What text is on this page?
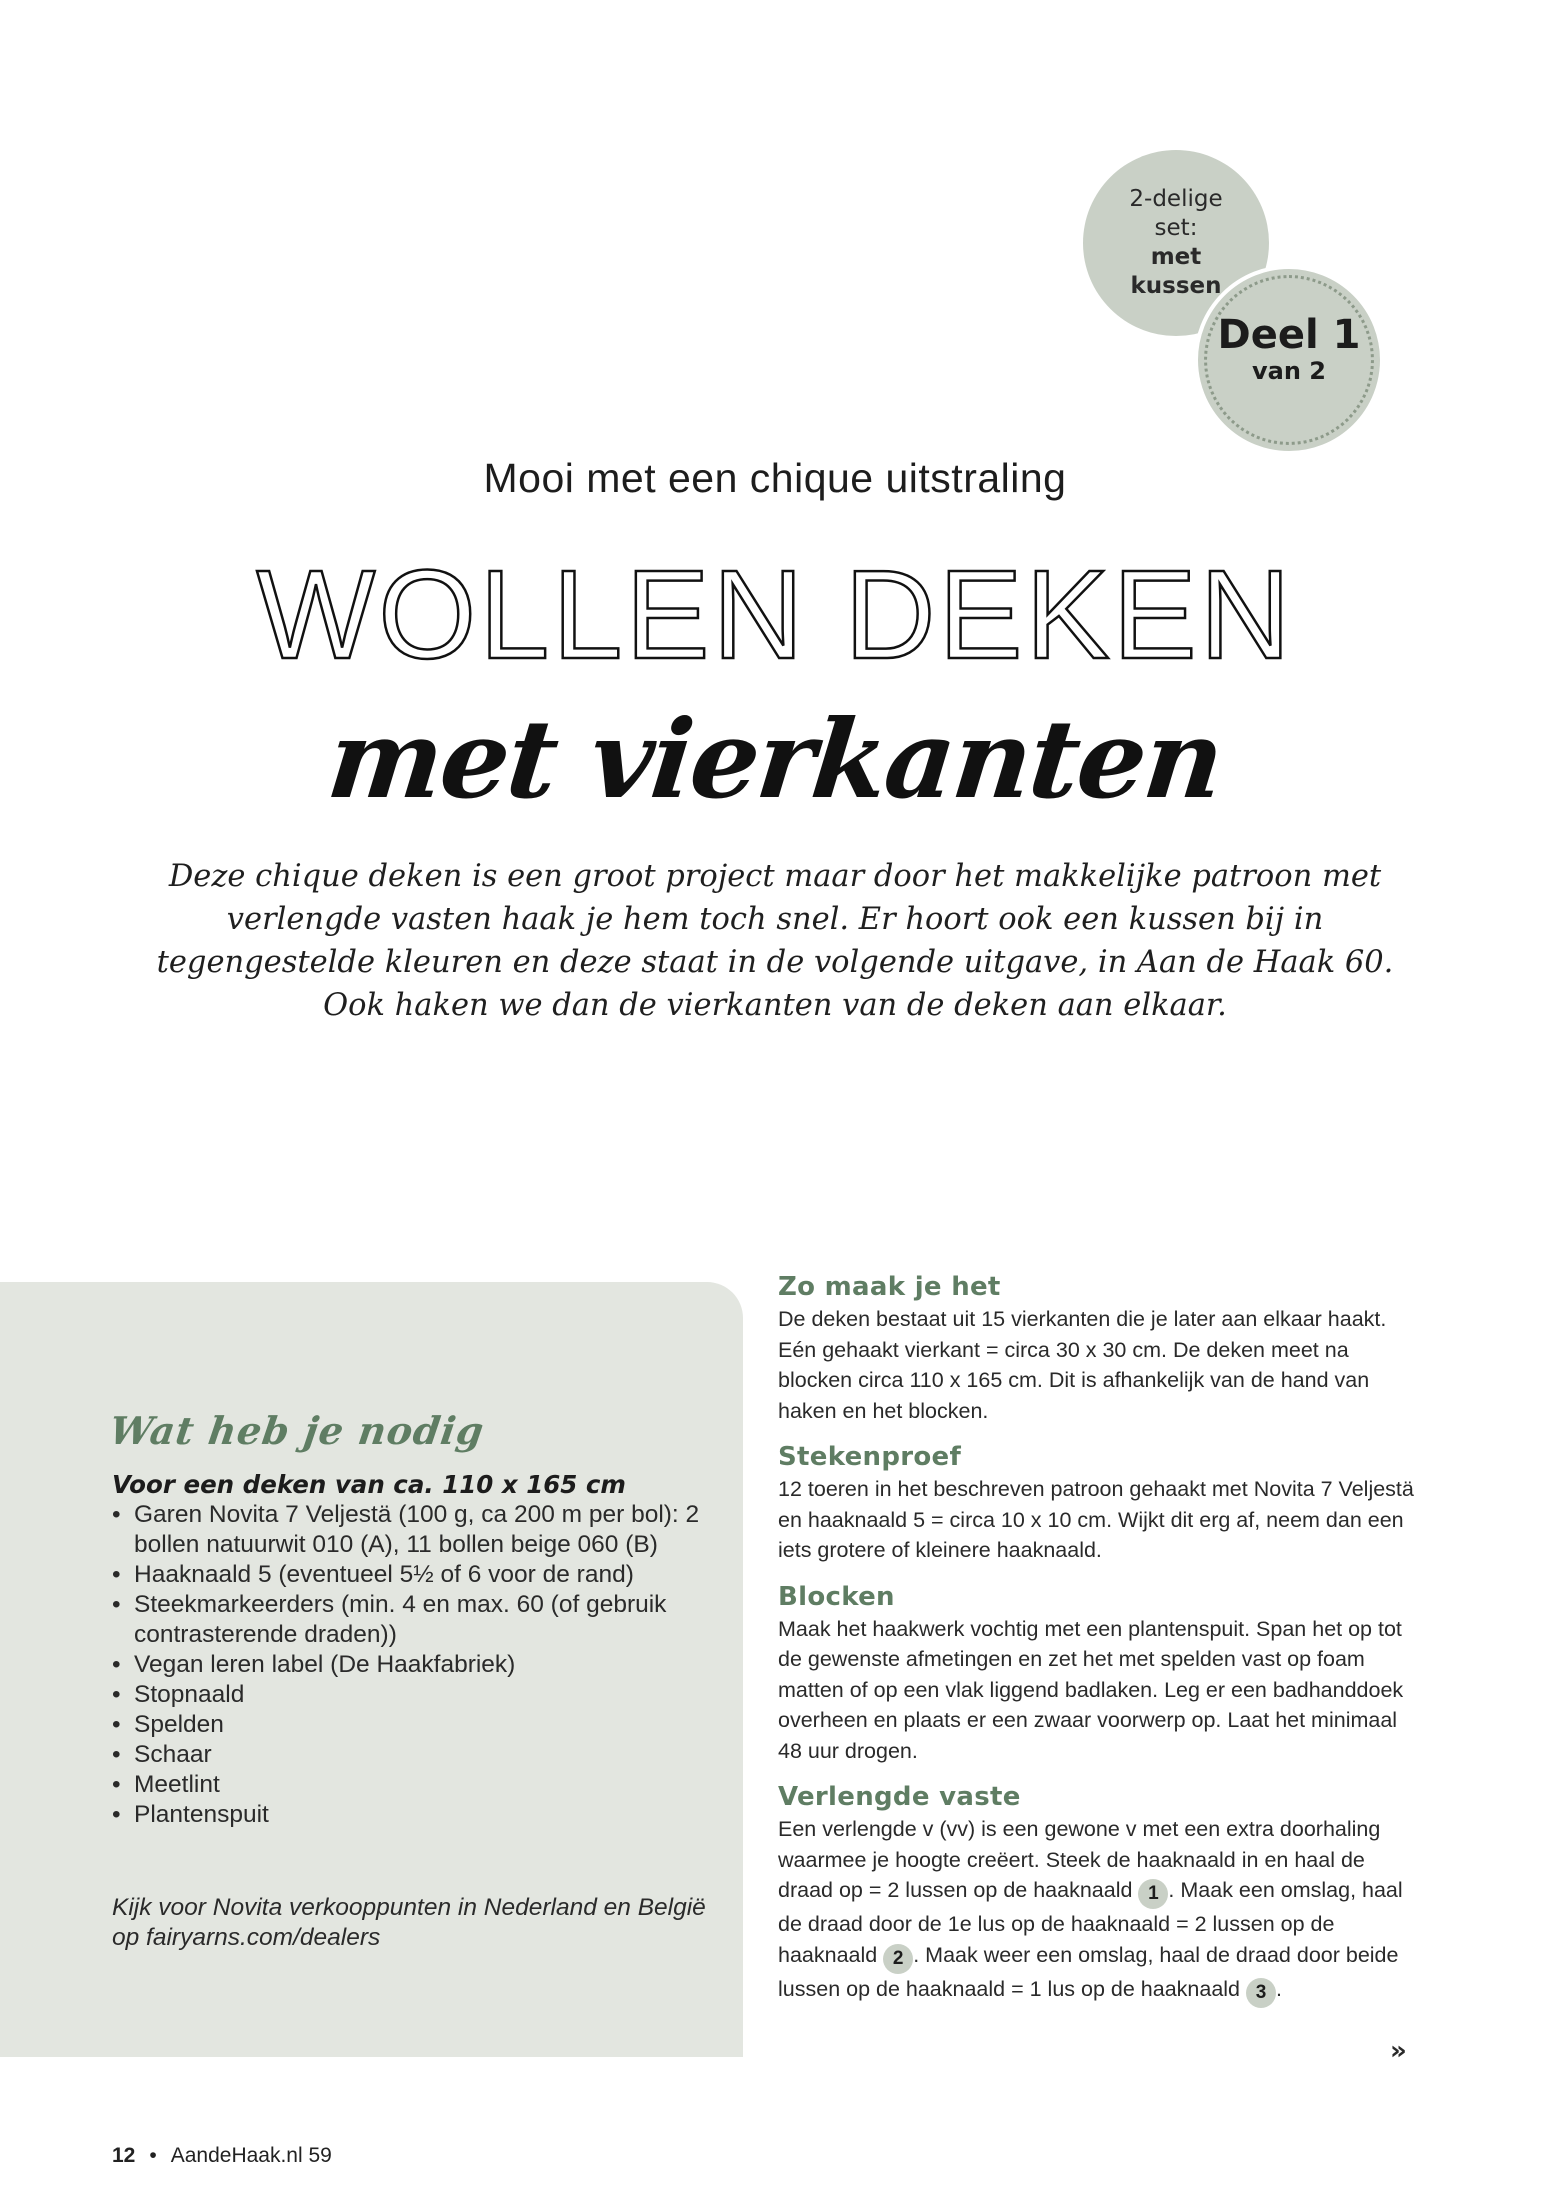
2-delige
set:
met
kussen
Deel 1
van 2
Mooi met een chique uitstraling
WOLLEN DEKEN
met vierkanten

Deze chique deken is een groot project maar door het makkelijke patroon met

verlengde vasten haak je hem toch snel. Er hoort ook een kussen bij in

tegengestelde kleuren en deze staat in de volgende uitgave, in Aan de Haak 60.

Ook haken we dan de vierkanten van de deken aan elkaar.

Wat heb je nodig
Voor een deken van ca. 110 x 165 cm
• Garen Novita 7 Veljestä (100 g, ca 200 m per bol): 2 bollen natuurwit 010 (A), 11 bollen beige 060 (B)
• Haaknaald 5 (eventueel 5½ of 6 voor de rand)
• Steekmarkeerders (min. 4 en max. 60 (of gebruik contrasterende draden))
• Vegan leren label (De Haakfabriek)
• Stopnaald
• Spelden
• Schaar
• Meetlint
• Plantenspuit
Kijk voor Novita verkooppunten in Nederland en België op fairyarns.com/dealers
Zo maak je het

De deken bestaat uit 15 vierkanten die je later aan elkaar haakt. Eén gehaakt vierkant = circa 30 x 30 cm. De deken meet na blocken circa 110 x 165 cm. Dit is afhankelijk van de hand van haken en het blocken.

Stekenproef

12 toeren in het beschreven patroon gehaakt met Novita 7 Veljestä en haaknaald 5 = circa 10 x 10 cm. Wijkt dit erg af, neem dan een iets grotere of kleinere haaknaald.

Blocken

Maak het haakwerk vochtig met een plantenspuit. Span het op tot de gewenste afmetingen en zet het met spelden vast op foam matten of op een vlak liggend badlaken. Leg er een badhanddoek overheen en plaats er een zwaar voorwerp op. Laat het minimaal 48 uur drogen.

Verlengde vaste

Een verlengde v (vv) is een gewone v met een extra doorhaling waarmee je hoogte creëert. Steek de haaknaald in en haal de draad op = 2 lussen op de haaknaald 1 . Maak een omslag, haal de draad door de 1e lus op de haaknaald = 2 lussen op de haaknaald 2 . Maak weer een omslag, haal de draad door beide lussen op de haaknaald = 1 lus op de haaknaald 3 .

»
12 • AandeHaak.nl 59
